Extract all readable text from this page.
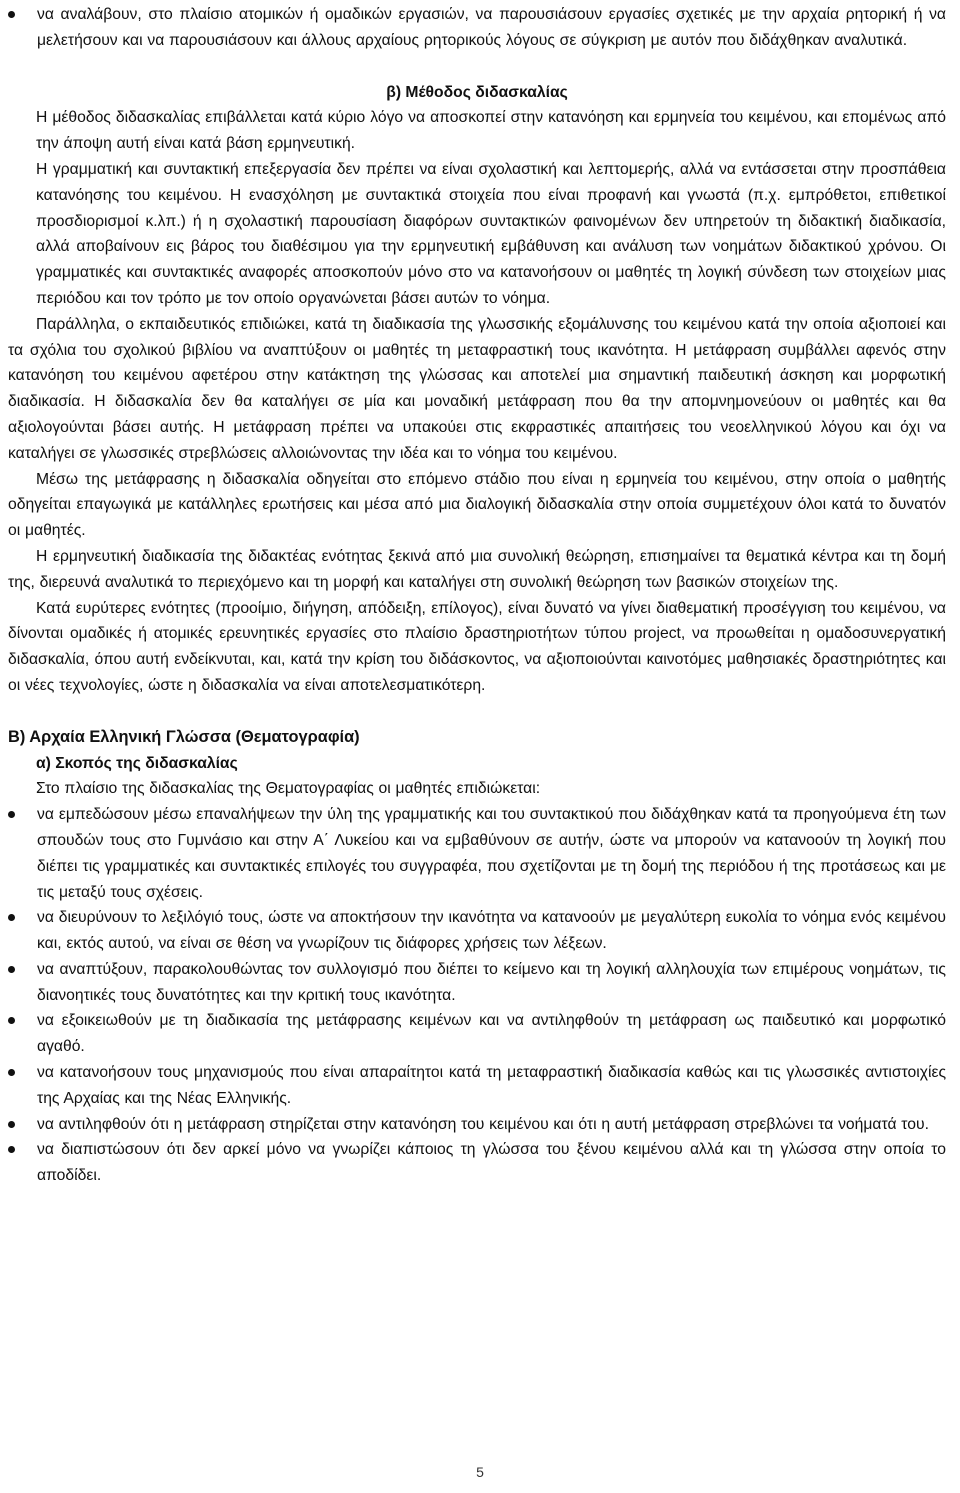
να αναλάβουν, στο πλαίσιο ατομικών ή ομαδικών εργασιών, να παρουσιάσουν εργασίες σχετικές με την αρχαία ρητορική ή να μελετήσουν και να παρουσιάσουν και άλλους αρχαίους ρητορικούς λόγους σε σύγκριση με αυτόν που διδάχθηκαν αναλυτικά.
β) Μέθοδος διδασκαλίας

Η μέθοδος διδασκαλίας επιβάλλεται κατά κύριο λόγο να αποσκοπεί στην κατανόηση και ερμηνεία του κειμένου, και επομένως από την άποψη αυτή είναι κατά βάση ερμηνευτική.

Η γραμματική και συντακτική επεξεργασία δεν πρέπει να είναι σχολαστική και λεπτομερής, αλλά να εντάσσεται στην προσπάθεια κατανόησης του κειμένου. Η ενασχόληση με συντακτικά στοιχεία που είναι προφανή και γνωστά (π.χ. εμπρόθετοι, επιθετικοί προσδιορισμοί κ.λπ.) ή η σχολαστική παρουσίαση διαφόρων συντακτικών φαινομένων δεν υπηρετούν τη διδακτική διαδικασία, αλλά αποβαίνουν εις βάρος του διαθέσιμου για την ερμηνευτική εμβάθυνση και ανάλυση των νοημάτων διδακτικού χρόνου. Οι γραμματικές και συντακτικές αναφορές αποσκοπούν μόνο στο να κατανοήσουν οι μαθητές τη λογική σύνδεση των στοιχείων μιας περιόδου και τον τρόπο με τον οποίο οργανώνεται βάσει αυτών το νόημα.

Παράλληλα, ο εκπαιδευτικός επιδιώκει, κατά τη διαδικασία της γλωσσικής εξομάλυνσης του κειμένου κατά την οποία αξιοποιεί και τα σχόλια του σχολικού βιβλίου να αναπτύξουν οι μαθητές τη μεταφραστική τους ικανότητα. Η μετάφραση συμβάλλει αφενός στην κατανόηση του κειμένου αφετέρου στην κατάκτηση της γλώσσας και αποτελεί μια σημαντική παιδευτική άσκηση και μορφωτική διαδικασία. Η διδασκαλία δεν θα καταλήγει σε μία και μοναδική μετάφραση που θα την απομνημονεύουν οι μαθητές και θα αξιολογούνται βάσει αυτής. Η μετάφραση πρέπει να υπακούει στις εκφραστικές απαιτήσεις του νεοελληνικού λόγου και όχι να καταλήγει σε γλωσσικές στρεβλώσεις αλλοιώνοντας την ιδέα και το νόημα του κειμένου.

Μέσω της μετάφρασης η διδασκαλία οδηγείται στο επόμενο στάδιο που είναι η ερμηνεία του κειμένου, στην οποία ο μαθητής οδηγείται επαγωγικά με κατάλληλες ερωτήσεις και μέσα από μια διαλογική διδασκαλία στην οποία συμμετέχουν όλοι κατά το δυνατόν οι μαθητές.

Η ερμηνευτική διαδικασία της διδακτέας ενότητας ξεκινά από μια συνολική θεώρηση, επισημαίνει τα θεματικά κέντρα και τη δομή της, διερευνά αναλυτικά το περιεχόμενο και τη μορφή και καταλήγει στη συνολική θεώρηση των βασικών στοιχείων της.

Κατά ευρύτερες ενότητες (προοίμιο, διήγηση, απόδειξη, επίλογος), είναι δυνατό να γίνει διαθεματική προσέγγιση του κειμένου, να δίνονται ομαδικές ή ατομικές ερευνητικές εργασίες στο πλαίσιο δραστηριοτήτων τύπου project, να προωθείται η ομαδοσυνεργατική διδασκαλία, όπου αυτή ενδείκνυται, και, κατά την κρίση του διδάσκοντος, να αξιοποιούνται καινοτόμες μαθησιακές δραστηριότητες και οι νέες τεχνολογίες, ώστε η διδασκαλία να είναι αποτελεσματικότερη.

Β) Αρχαία Ελληνική Γλώσσα (Θεματογραφία)
α) Σκοπός της διδασκαλίας

Στο πλαίσιο της διδασκαλίας της Θεματογραφίας οι μαθητές επιδιώκεται:

να εμπεδώσουν μέσω επαναλήψεων την ύλη της γραμματικής και του συντακτικού που διδάχθηκαν κατά τα προηγούμενα έτη των σπουδών τους στο Γυμνάσιο και στην Α΄ Λυκείου και να εμβαθύνουν σε αυτήν, ώστε να μπορούν να κατανοούν τη λογική που διέπει τις γραμματικές και συντακτικές επιλογές του συγγραφέα, που σχετίζονται με τη δομή της περιόδου ή της προτάσεως και με τις μεταξύ τους σχέσεις.
να διευρύνουν το λεξιλόγιό τους, ώστε να αποκτήσουν την ικανότητα να κατανοούν με μεγαλύτερη ευκολία το νόημα ενός κειμένου και, εκτός αυτού, να είναι σε θέση να γνωρίζουν τις διάφορες χρήσεις των λέξεων.
να αναπτύξουν, παρακολουθώντας τον συλλογισμό που διέπει το κείμενο και τη λογική αλληλουχία των επιμέρους νοημάτων, τις διανοητικές τους δυνατότητες και την κριτική τους ικανότητα.
να εξοικειωθούν με τη διαδικασία της μετάφρασης κειμένων και να αντιληφθούν τη μετάφραση ως παιδευτικό και μορφωτικό αγαθό.
να κατανοήσουν τους μηχανισμούς που είναι απαραίτητοι κατά τη μεταφραστική διαδικασία καθώς και τις γλωσσικές αντιστοιχίες της Αρχαίας και της Νέας Ελληνικής.
να αντιληφθούν ότι η μετάφραση στηρίζεται στην κατανόηση του κειμένου και ότι η αυτή μετάφραση στρεβλώνει τα νοήματά του.
να διαπιστώσουν ότι δεν αρκεί μόνο να γνωρίζει κάποιος τη γλώσσα του ξένου κειμένου αλλά και τη γλώσσα στην οποία το αποδίδει.
5
